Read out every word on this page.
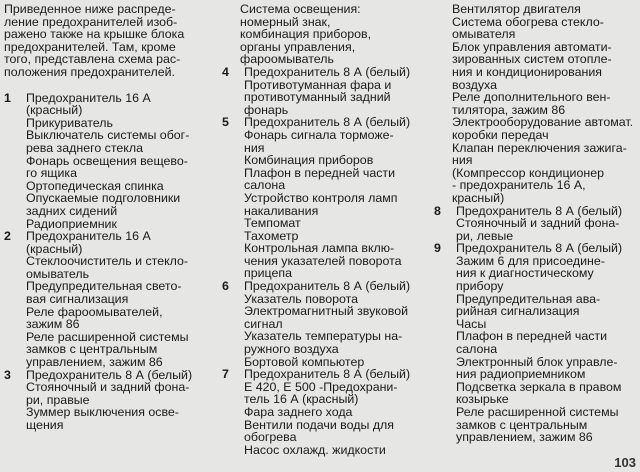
Приведенное ниже распреде-
ление предохранителей изоб-
ражено также на крышке блока
предохранителей. Там, кроме
того, представлена схема рас-
положения предохранителей.
1	Предохранитель 16 А
(красный)
Прикуриватель
Выключатель системы обог-
рева заднего стекла
Фонарь освещения вещево-
го ящика
Ортопедическая спинка
Опускаемые подголовники
задних сидений
Радиоприемник
2	Предохранитель 16 А
(красный)
Стеклоочиститель и стекло-
омыватель
Предупредительная свето-
вая сигнализация
Реле фароомывателей,
зажим 86
Реле расширенной системы
замков с центральным
управлением, зажим 86
3	Предохранитель 8 А (белый)
Стояночный и задний фона-
ри, правые
Зуммер выключения осве-
щения
Система освещения:
номерный знак,
комбинация приборов,
органы управления,
фароомыватель
4	Предохранитель 8 А (белый)
Противотуманная фара и
противотуманный задний
фонарь
5	Предохранитель 8 А (белый)
Фонарь сигнала торможе-
ния
Комбинация приборов
Плафон в передней части
салона
Устройство контроля ламп
накаливания
Темпомат
Тахометр
Контрольная лампа вклю-
чения указателей поворота
прицепа
6	Предохранитель 8 А (белый)
Указатель поворота
Электромагнитный звуковой
сигнал
Указатель температуры на-
ружного воздуха
Бортовой компьютер
7	Предохранитель 8 А (белый)
Е 420, Е 500 -Предохрани-
тель 16 А (красный)
Фара заднего хода
Вентили подачи воды для
обогрева
Насос охлажд. жидкости
Вентилятор двигателя
Система обогрева стекло-
омывателя
Блок управления автомати-
зированных систем отопле-
ния и кондиционирования
воздуха
Реле дополнительного вен-
тилятора, зажим 86
Электрооборудование автомат.
коробки передач
Клапан переключения зажига-
ния
(Компрессор кондиционер
- предохранитель 16 А,
красный)
8	Предохранитель 8 А (белый)
Стояночный и задний фона-
ри, левые
9	Предохранитель 8 А (белый)
Зажим 6 для присоедине-
ния к диагностическому
прибору
Предупредительная ава-
рийная сигнализация
Часы
Плафон в передней части
салона
Электронный блок управле-
ния радиоприемником
Подсветка зеркала в правом
козырьке
Реле расширенной системы
замков с центральным
управлением, зажим 86
103
